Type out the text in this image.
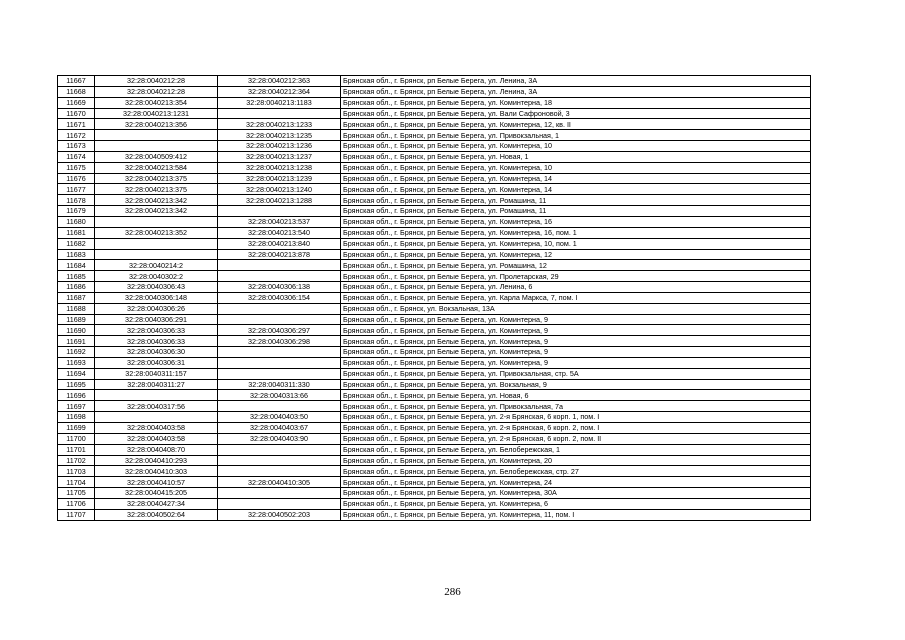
11667	32:28:0040212:28	32:28:0040212:363	Брянская обл., г. Брянск, рп Белые Берега, ул. Ленина, 3А
11668	32:28:0040212:28	32:28:0040212:364	Брянская обл., г. Брянск, рп Белые Берега, ул. Ленина, 3А
11669	32:28:0040213:354	32:28:0040213:1183	Брянская обл., г. Брянск, рп Белые Берега, ул. Коминтерна, 18
11670	32:28:0040213:1231		Брянская обл., г. Брянск, рп Белые Берега, ул. Вали Сафроновой, 3
11671	32:28:0040213:356	32:28:0040213:1233	Брянская обл., г. Брянск, рп Белые Берега, ул. Коминтерна, 12, кв. II
11672		32:28:0040213:1235	Брянская обл., г. Брянск, рп Белые Берега, ул. Привокзальная, 1
11673		32:28:0040213:1236	Брянская обл., г. Брянск, рп Белые Берега, ул. Коминтерна, 10
11674	32:28:0040509:412	32:28:0040213:1237	Брянская обл., г. Брянск, рп Белые Берега, ул. Новая, 1
11675	32:28:0040213:584	32:28:0040213:1238	Брянская обл., г. Брянск, рп Белые Берега, ул. Коминтерна, 10
11676	32:28:0040213:375	32:28:0040213:1239	Брянская обл., г. Брянск, рп Белые Берега, ул. Коминтерна, 14
11677	32:28:0040213:375	32:28:0040213:1240	Брянская обл., г. Брянск, рп Белые Берега, ул. Коминтерна, 14
11678	32:28:0040213:342	32:28:0040213:1288	Брянская обл., г. Брянск, рп Белые Берега, ул. Ромашина, 11
11679	32:28:0040213:342		Брянская обл., г. Брянск, рп Белые Берега, ул. Ромашина, 11
11680		32:28:0040213:537	Брянская обл., г. Брянск, рп Белые Берега, ул. Коминтерна, 16
11681	32:28:0040213:352	32:28:0040213:540	Брянская обл., г. Брянск, рп Белые Берега, ул. Коминтерна, 16, пом. 1
11682		32:28:0040213:840	Брянская обл., г. Брянск, рп Белые Берега, ул. Коминтерна, 10, пом. 1
11683		32:28:0040213:878	Брянская обл., г. Брянск, рп Белые Берега, ул. Коминтерна, 12
11684	32:28:0040214:2		Брянская обл., г. Брянск, рп Белые Берега, ул. Ромашина, 12
11685	32:28:0040302:2		Брянская обл., г. Брянск, рп Белые Берега, ул. Пролетарская, 29
11686	32:28:0040306:43	32:28:0040306:138	Брянская обл., г. Брянск, рп Белые Берега, ул. Ленина, 6
11687	32:28:0040306:148	32:28:0040306:154	Брянская обл., г. Брянск, рп Белые Берега, ул. Карла Маркса, 7, пом. I
11688	32:28:0040306:26		Брянская обл., г. Брянск, ул. Вокзальная, 13А
11689	32:28:0040306:291		Брянская обл., г. Брянск, рп Белые Берега, ул. Коминтерна, 9
11690	32:28:0040306:33	32:28:0040306:297	Брянская обл., г. Брянск, рп Белые Берега, ул. Коминтерна, 9
11691	32:28:0040306:33	32:28:0040306:298	Брянская обл., г. Брянск, рп Белые Берега, ул. Коминтерна, 9
11692	32:28:0040306:30		Брянская обл., г. Брянск, рп Белые Берега, ул. Коминтерна, 9
11693	32:28:0040306:31		Брянская обл., г. Брянск, рп Белые Берега, ул. Коминтерна, 9
11694	32:28:0040311:157		Брянская обл., г. Брянск, рп Белые Берега, ул. Привокзальная, стр. 5А
11695	32:28:0040311:27	32:28:0040311:330	Брянская обл., г. Брянск, рп Белые Берега, ул. Вокзальная, 9
11696		32:28:0040313:66	Брянская обл., г. Брянск, рп Белые Берега, ул. Новая, 6
11697	32:28:0040317:56		Брянская обл., г. Брянск, рп Белые Берега, ул. Привокзальная, 7а
11698		32:28:0040403:50	Брянская обл., г. Брянск, рп Белые Берега, ул. 2-я Брянская, 6 корп. 1, пом. I
11699	32:28:0040403:58	32:28:0040403:67	Брянская обл., г. Брянск, рп Белые Берега, ул. 2-я Брянская, 6 корп. 2, пом. I
11700	32:28:0040403:58	32:28:0040403:90	Брянская обл., г. Брянск, рп Белые Берега, ул. 2-я Брянская, 6 корп. 2, пом. II
11701	32:28:0040408:70		Брянская обл., г. Брянск, рп Белые Берега, ул. Белобережская, 1
11702	32:28:0040410:293		Брянская обл., г. Брянск, рп Белые Берега, ул. Коминтерна, 20
11703	32:28:0040410:303		Брянская обл., г. Брянск, рп Белые Берега, ул. Белобережская, стр. 27
11704	32:28:0040410:57	32:28:0040410:305	Брянская обл., г. Брянск, рп Белые Берега, ул. Коминтерна, 24
11705	32:28:0040415:205		Брянская обл., г. Брянск, рп Белые Берега, ул. Коминтерна, 30А
11706	32:28:0040427:34		Брянская обл., г. Брянск, рп Белые Берега, ул. Коминтерна, 6
11707	32:28:0040502:64	32:28:0040502:203	Брянская обл., г. Брянск, рп Белые Берега, ул. Коминтерна, 11, пом. I
286
